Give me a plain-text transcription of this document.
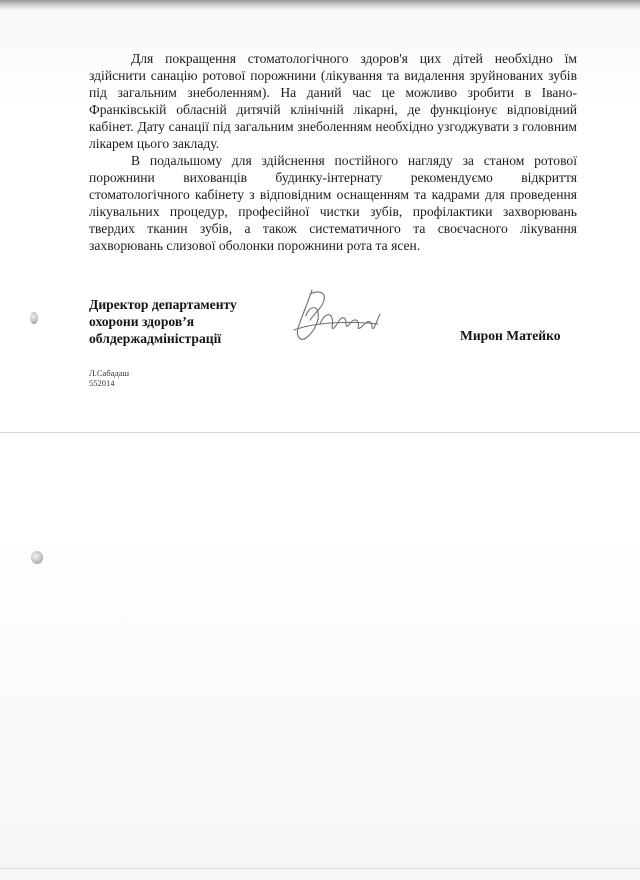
Для покращення стоматологічного здоров'я цих дітей необхідно їм здійснити санацію ротової порожнини (лікування та видалення зруйнованих зубів під загальним знеболенням). На даний час це можливо зробити в Івано-Франківській обласній дитячій клінічній лікарні, де функціонує відповідний кабінет. Дату санації під загальним знеболенням необхідно узгоджувати з головним лікарем цього закладу.

В подальшому для здійснення постійного нагляду за станом ротової порожнини вихованців будинку-інтернату рекомендуємо відкриття стоматологічного кабінету з відповідним оснащенням та кадрами для проведення лікувальних процедур, професійної чистки зубів, профілактики захворювань твердих тканин зубів, а також систематичного та своєчасного лікування захворювань слизової оболонки порожнини рота та ясен.

Директор департаменту
охорони здоров’я
облдержадміністрації	Мирон Матейко
Л.Сабадаш
552014
